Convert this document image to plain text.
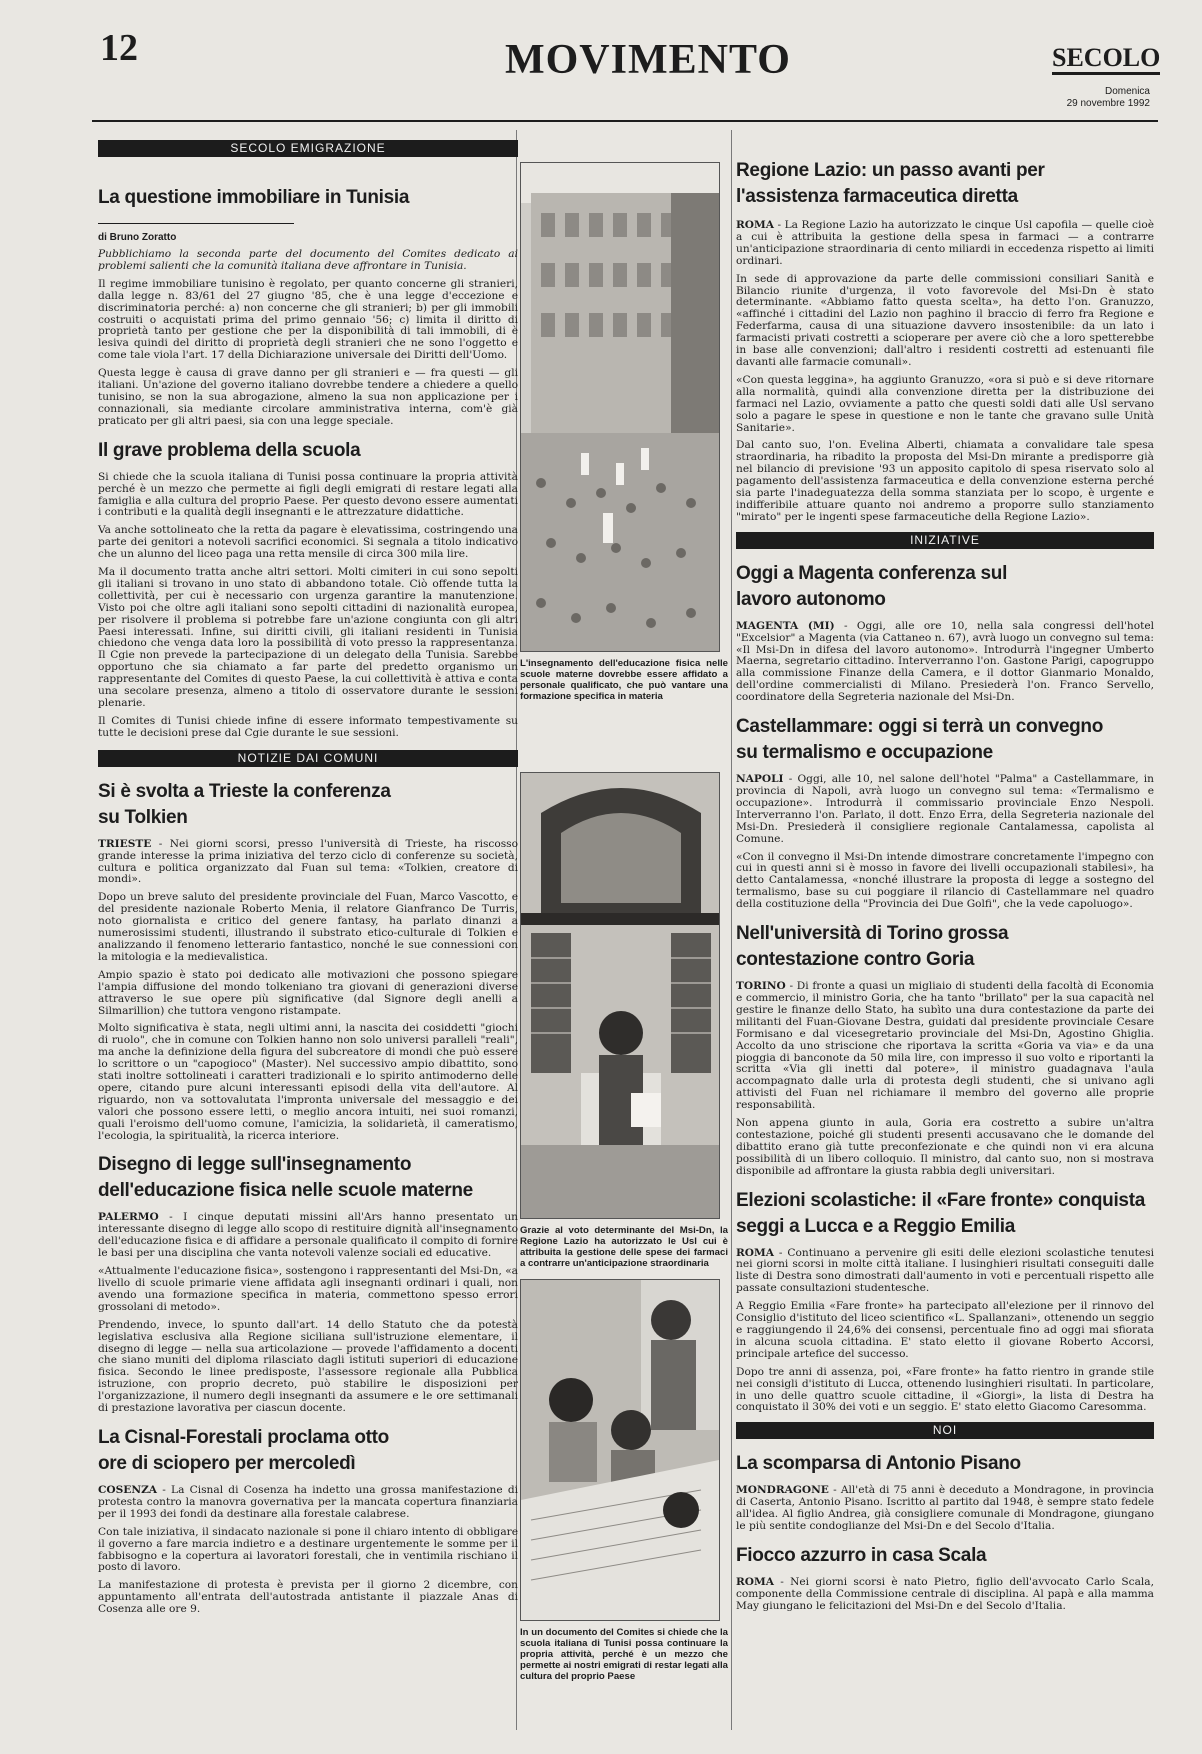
12	MOVIMENTO	SECOLO
Domenica
29 novembre 1992
SECOLO EMIGRAZIONE
La questione immobiliare in Tunisia
di Bruno Zoratto

Pubblichiamo la seconda parte del documento del Comites dedicato ai problemi salienti che la comunità italiana deve affrontare in Tunisia.

Il regime immobiliare tunisino è regolato, per quanto concerne gli stranieri, dalla legge n. 83/61 del 27 giugno '85, che è una legge d'eccezione e discriminatoria perché: a) non concerne che gli stranieri; b) per gli immobili costruiti o acquistati prima del primo gennaio '56; c) limita il diritto di proprietà tanto per gestione che per la disponibilità di tali immobili, di è lesiva quindi del diritto di proprietà degli stranieri che ne sono l'oggetto e come tale viola l'art. 17 della Dichiarazione universale dei Diritti dell'Uomo.

Questa legge è causa di grave danno per gli stranieri e — fra questi — gli italiani. Un'azione del governo italiano dovrebbe tendere a chiedere a quello tunisino, se non la sua abrogazione, almeno la sua non applicazione per i connazionali, sia mediante circolare amministrativa interna, com'è già praticato per gli altri paesi, sia con una legge speciale.

Il grave problema della scuola

Si chiede che la scuola italiana di Tunisi possa continuare la propria attività perché è un mezzo che permette ai figli degli emigrati di restare legati alla famiglia e alla cultura del proprio Paese. Per questo devono essere aumentati i contributi e la qualità degli insegnanti e le attrezzature didattiche.

Va anche sottolineato che la retta da pagare è elevatissima, costringendo una parte dei genitori a notevoli sacrifici economici. Si segnala a titolo indicativo che un alunno del liceo paga una retta mensile di circa 300 mila lire.

Ma il documento tratta anche altri settori. Molti cimiteri in cui sono sepolti gli italiani si trovano in uno stato di abbandono totale. Ciò offende tutta la collettività, per cui è necessario con urgenza garantire la manutenzione. Visto poi che oltre agli italiani sono sepolti cittadini di nazionalità europea, per risolvere il problema si potrebbe fare un'azione congiunta con gli altri Paesi interessati. Infine, sui diritti civili, gli italiani residenti in Tunisia chiedono che venga data loro la possibilità di voto presso la rappresentanza. Il Cgie non prevede la partecipazione di un delegato della Tunisia. Sarebbe opportuno che sia chiamato a far parte del predetto organismo un rappresentante del Comites di questo Paese, la cui collettività è attiva e conta una secolare presenza, almeno a titolo di osservatore durante le sessioni plenarie.

Il Comites di Tunisi chiede infine di essere informato tempestivamente su tutte le decisioni prese dal Cgie durante le sue sessioni.

NOTIZIE DAI COMUNI
Si è svolta a Trieste la conferenza su Tolkien

TRIESTE - Nei giorni scorsi, presso l'università di Trieste, ha riscosso grande interesse la prima iniziativa del terzo ciclo di conferenze su società, cultura e politica organizzato dal Fuan sul tema: «Tolkien, creatore di mondi».

Dopo un breve saluto del presidente provinciale del Fuan, Marco Vascotto, e del presidente nazionale Roberto Menia, il relatore Gianfranco De Turris, noto giornalista e critico del genere fantasy, ha parlato dinanzi a numerosissimi studenti, illustrando il substrato etico-culturale di Tolkien e analizzando il fenomeno letterario fantastico, nonché le sue connessioni con la mitologia e la medievalistica.

Ampio spazio è stato poi dedicato alle motivazioni che possono spiegare l'ampia diffusione del mondo tolkeniano tra giovani di generazioni diverse attraverso le sue opere più significative (dal Signore degli anelli a Silmarillion) che tuttora vengono ristampate.

Molto significativa è stata, negli ultimi anni, la nascita dei cosiddetti "giochi di ruolo", che in comune con Tolkien hanno non solo universi paralleli "reali", ma anche la definizione della figura del subcreatore di mondi che può essere lo scrittore o un "capogioco" (Master). Nel successivo ampio dibattito, sono stati inoltre sottolineati i caratteri tradizionali e lo spirito antimoderno delle opere, citando pure alcuni interessanti episodi della vita dell'autore. Al riguardo, non va sottovalutata l'impronta universale del messaggio e dei valori che possono essere letti, o meglio ancora intuiti, nei suoi romanzi, quali l'eroismo dell'uomo comune, l'amicizia, la solidarietà, il cameratismo, l'ecologia, la spiritualità, la ricerca interiore.

Disegno di legge sull'insegnamento dell'educazione fisica nelle scuole materne

PALERMO - I cinque deputati missini all'Ars hanno presentato un interessante disegno di legge allo scopo di restituire dignità all'insegnamento dell'educazione fisica e di affidare a personale qualificato il compito di fornire le basi per una disciplina che vanta notevoli valenze sociali ed educative.

«Attualmente l'educazione fisica», sostengono i rappresentanti del Msi-Dn, «a livello di scuole primarie viene affidata agli insegnanti ordinari i quali, non avendo una formazione specifica in materia, commettono spesso errori grossolani di metodo».

Prendendo, invece, lo spunto dall'art. 14 dello Statuto che da potestà legislativa esclusiva alla Regione siciliana sull'istruzione elementare, il disegno di legge — nella sua articolazione — provede l'affidamento a docenti che siano muniti del diploma rilasciato dagli istituti superiori di educazione fisica. Secondo le linee predisposte, l'assessore regionale alla Pubblica istruzione, con proprio decreto, può stabilire le disposizioni per l'organizzazione, il numero degli insegnanti da assumere e le ore settimanali di prestazione lavorativa per ciascun docente.

La Cisnal-Forestali proclama otto ore di sciopero per mercoledì

COSENZA - La Cisnal di Cosenza ha indetto una grossa manifestazione di protesta contro la manovra governativa per la mancata copertura finanziaria per il 1993 dei fondi da destinare alla forestale calabrese.

Con tale iniziativa, il sindacato nazionale si pone il chiaro intento di obbligare il governo a fare marcia indietro e a destinare urgentemente le somme per il fabbisogno e la copertura ai lavoratori forestali, che in ventimila rischiano il posto di lavoro.

La manifestazione di protesta è prevista per il giorno 2 dicembre, con appuntamento all'entrata dell'autostrada antistante il piazzale Anas di Cosenza alle ore 9.

L'insegnamento dell'educazione fisica nelle scuole materne dovrebbe essere affidato a personale qualificato, che può vantare una formazione specifica in materia
Grazie al voto determinante del Msi-Dn, la Regione Lazio ha autorizzato le Usl cui è attribuita la gestione delle spese dei farmaci a contrarre un'anticipazione straordinaria
In un documento del Comites si chiede che la scuola italiana di Tunisi possa continuare la propria attività, perché è un mezzo che permette ai nostri emigrati di restar legati alla cultura del proprio Paese
Regione Lazio: un passo avanti per l'assistenza farmaceutica diretta

ROMA - La Regione Lazio ha autorizzato le cinque Usl capofila — quelle cioè a cui è attribuita la gestione della spesa in farmaci — a contrarre un'anticipazione straordinaria di cento miliardi in eccedenza rispetto ai limiti ordinari.

In sede di approvazione da parte delle commissioni consiliari Sanità e Bilancio riunite d'urgenza, il voto favorevole del Msi-Dn è stato determinante. «Abbiamo fatto questa scelta», ha detto l'on. Granuzzo, «affinché i cittadini del Lazio non paghino il braccio di ferro fra Regione e Federfarma, causa di una situazione davvero insostenibile: da un lato i farmacisti privati costretti a scioperare per avere ciò che a loro spetterebbe in base alle convenzioni; dall'altro i residenti costretti ad estenuanti file davanti alle farmacie comunali».

«Con questa leggina», ha aggiunto Granuzzo, «ora si può e si deve ritornare alla normalità, quindi alla convenzione diretta per la distribuzione dei farmaci nel Lazio, ovviamente a patto che questi soldi dati alle Usl servano solo a pagare le spese in questione e non le tante che gravano sulle Unità Sanitarie».

Dal canto suo, l'on. Evelina Alberti, chiamata a convalidare tale spesa straordinaria, ha ribadito la proposta del Msi-Dn mirante a predisporre già nel bilancio di previsione '93 un apposito capitolo di spesa riservato solo al pagamento dell'assistenza farmaceutica e della convenzione esterna perché sia parte l'inadeguatezza della somma stanziata per lo scopo, è urgente e indifferibile attuare quanto noi andremo a proporre sullo stanziamento "mirato" per le ingenti spese farmaceutiche della Regione Lazio».

INIZIATIVE
Oggi a Magenta conferenza sul lavoro autonomo

MAGENTA (MI) - Oggi, alle ore 10, nella sala congressi dell'hotel "Excelsior" a Magenta (via Cattaneo n. 67), avrà luogo un convegno sul tema: «Il Msi-Dn in difesa del lavoro autonomo». Introdurrà l'ingegner Umberto Maerna, segretario cittadino. Interverranno l'on. Gastone Parigi, capogruppo alla commissione Finanze della Camera, e il dottor Gianmario Monaldo, dell'ordine commercialisti di Milano. Presiederà l'on. Franco Servello, coordinatore della Segreteria nazionale del Msi-Dn.

Castellammare: oggi si terrà un convegno su termalismo e occupazione

NAPOLI - Oggi, alle 10, nel salone dell'hotel "Palma" a Castellammare, in provincia di Napoli, avrà luogo un convegno sul tema: «Termalismo e occupazione». Introdurrà il commissario provinciale Enzo Nespoli. Interverranno l'on. Parlato, il dott. Enzo Erra, della Segreteria nazionale del Msi-Dn. Presiederà il consigliere regionale Cantalamessa, capolista al Comune.

«Con il convegno il Msi-Dn intende dimostrare concretamente l'impegno con cui in questi anni si è mosso in favore dei livelli occupazionali stabilesi», ha detto Cantalamessa, «nonché illustrare la proposta di legge a sostegno del termalismo, base su cui poggiare il rilancio di Castellammare nel quadro della costituzione della "Provincia dei Due Golfi", che la vede capoluogo».

Nell'università di Torino grossa contestazione contro Goria

TORINO - Di fronte a quasi un migliaio di studenti della facoltà di Economia e commercio, il ministro Goria, che ha tanto "brillato" per la sua capacità nel gestire le finanze dello Stato, ha subìto una dura contestazione da parte dei militanti del Fuan-Giovane Destra, guidati dal presidente provinciale Cesare Formisano e dal vicesegretario provinciale del Msi-Dn, Agostino Ghiglia. Accolto da uno striscione che riportava la scritta «Goria va via» e da una pioggia di banconote da 50 mila lire, con impresso il suo volto e riportanti la scritta «Via gli inetti dal potere», il ministro guadagnava l'aula accompagnato dalle urla di protesta degli studenti, che si univano agli attivisti del Fuan nel richiamare il membro del governo alle proprie responsabilità.

Non appena giunto in aula, Goria era costretto a subire un'altra contestazione, poiché gli studenti presenti accusavano che le domande del dibattito erano già tutte preconfezionate e che quindi non vi era alcuna possibilità di un libero colloquio. Il ministro, dal canto suo, non si mostrava disponibile ad affrontare la giusta rabbia degli universitari.

Elezioni scolastiche: il «Fare fronte» conquista seggi a Lucca e a Reggio Emilia

ROMA - Continuano a pervenire gli esiti delle elezioni scolastiche tenutesi nei giorni scorsi in molte città italiane. I lusinghieri risultati conseguiti dalle liste di Destra sono dimostrati dall'aumento in voti e percentuali rispetto alle passate consultazioni studentesche.

A Reggio Emilia «Fare fronte» ha partecipato all'elezione per il rinnovo del Consiglio d'istituto del liceo scientifico «L. Spallanzani», ottenendo un seggio e raggiungendo il 24,6% dei consensi, percentuale fino ad oggi mai sfiorata in alcuna scuola cittadina. E' stato eletto il giovane Roberto Accorsi, principale artefice del successo.

Dopo tre anni di assenza, poi, «Fare fronte» ha fatto rientro in grande stile nei consigli d'istituto di Lucca, ottenendo lusinghieri risultati. In particolare, in uno delle quattro scuole cittadine, il «Giorgi», la lista di Destra ha conquistato il 30% dei voti e un seggio. E' stato eletto Giacomo Caresomma.

NOI
La scomparsa di Antonio Pisano

MONDRAGONE - All'età di 75 anni è deceduto a Mondragone, in provincia di Caserta, Antonio Pisano. Iscritto al partito dal 1948, è sempre stato fedele all'idea. Al figlio Andrea, già consigliere comunale di Mondragone, giungano le più sentite condoglianze del Msi-Dn e del Secolo d'Italia.

Fiocco azzurro in casa Scala

ROMA - Nei giorni scorsi è nato Pietro, figlio dell'avvocato Carlo Scala, componente della Commissione centrale di disciplina. Al papà e alla mamma May giungano le felicitazioni del Msi-Dn e del Secolo d'Italia.
